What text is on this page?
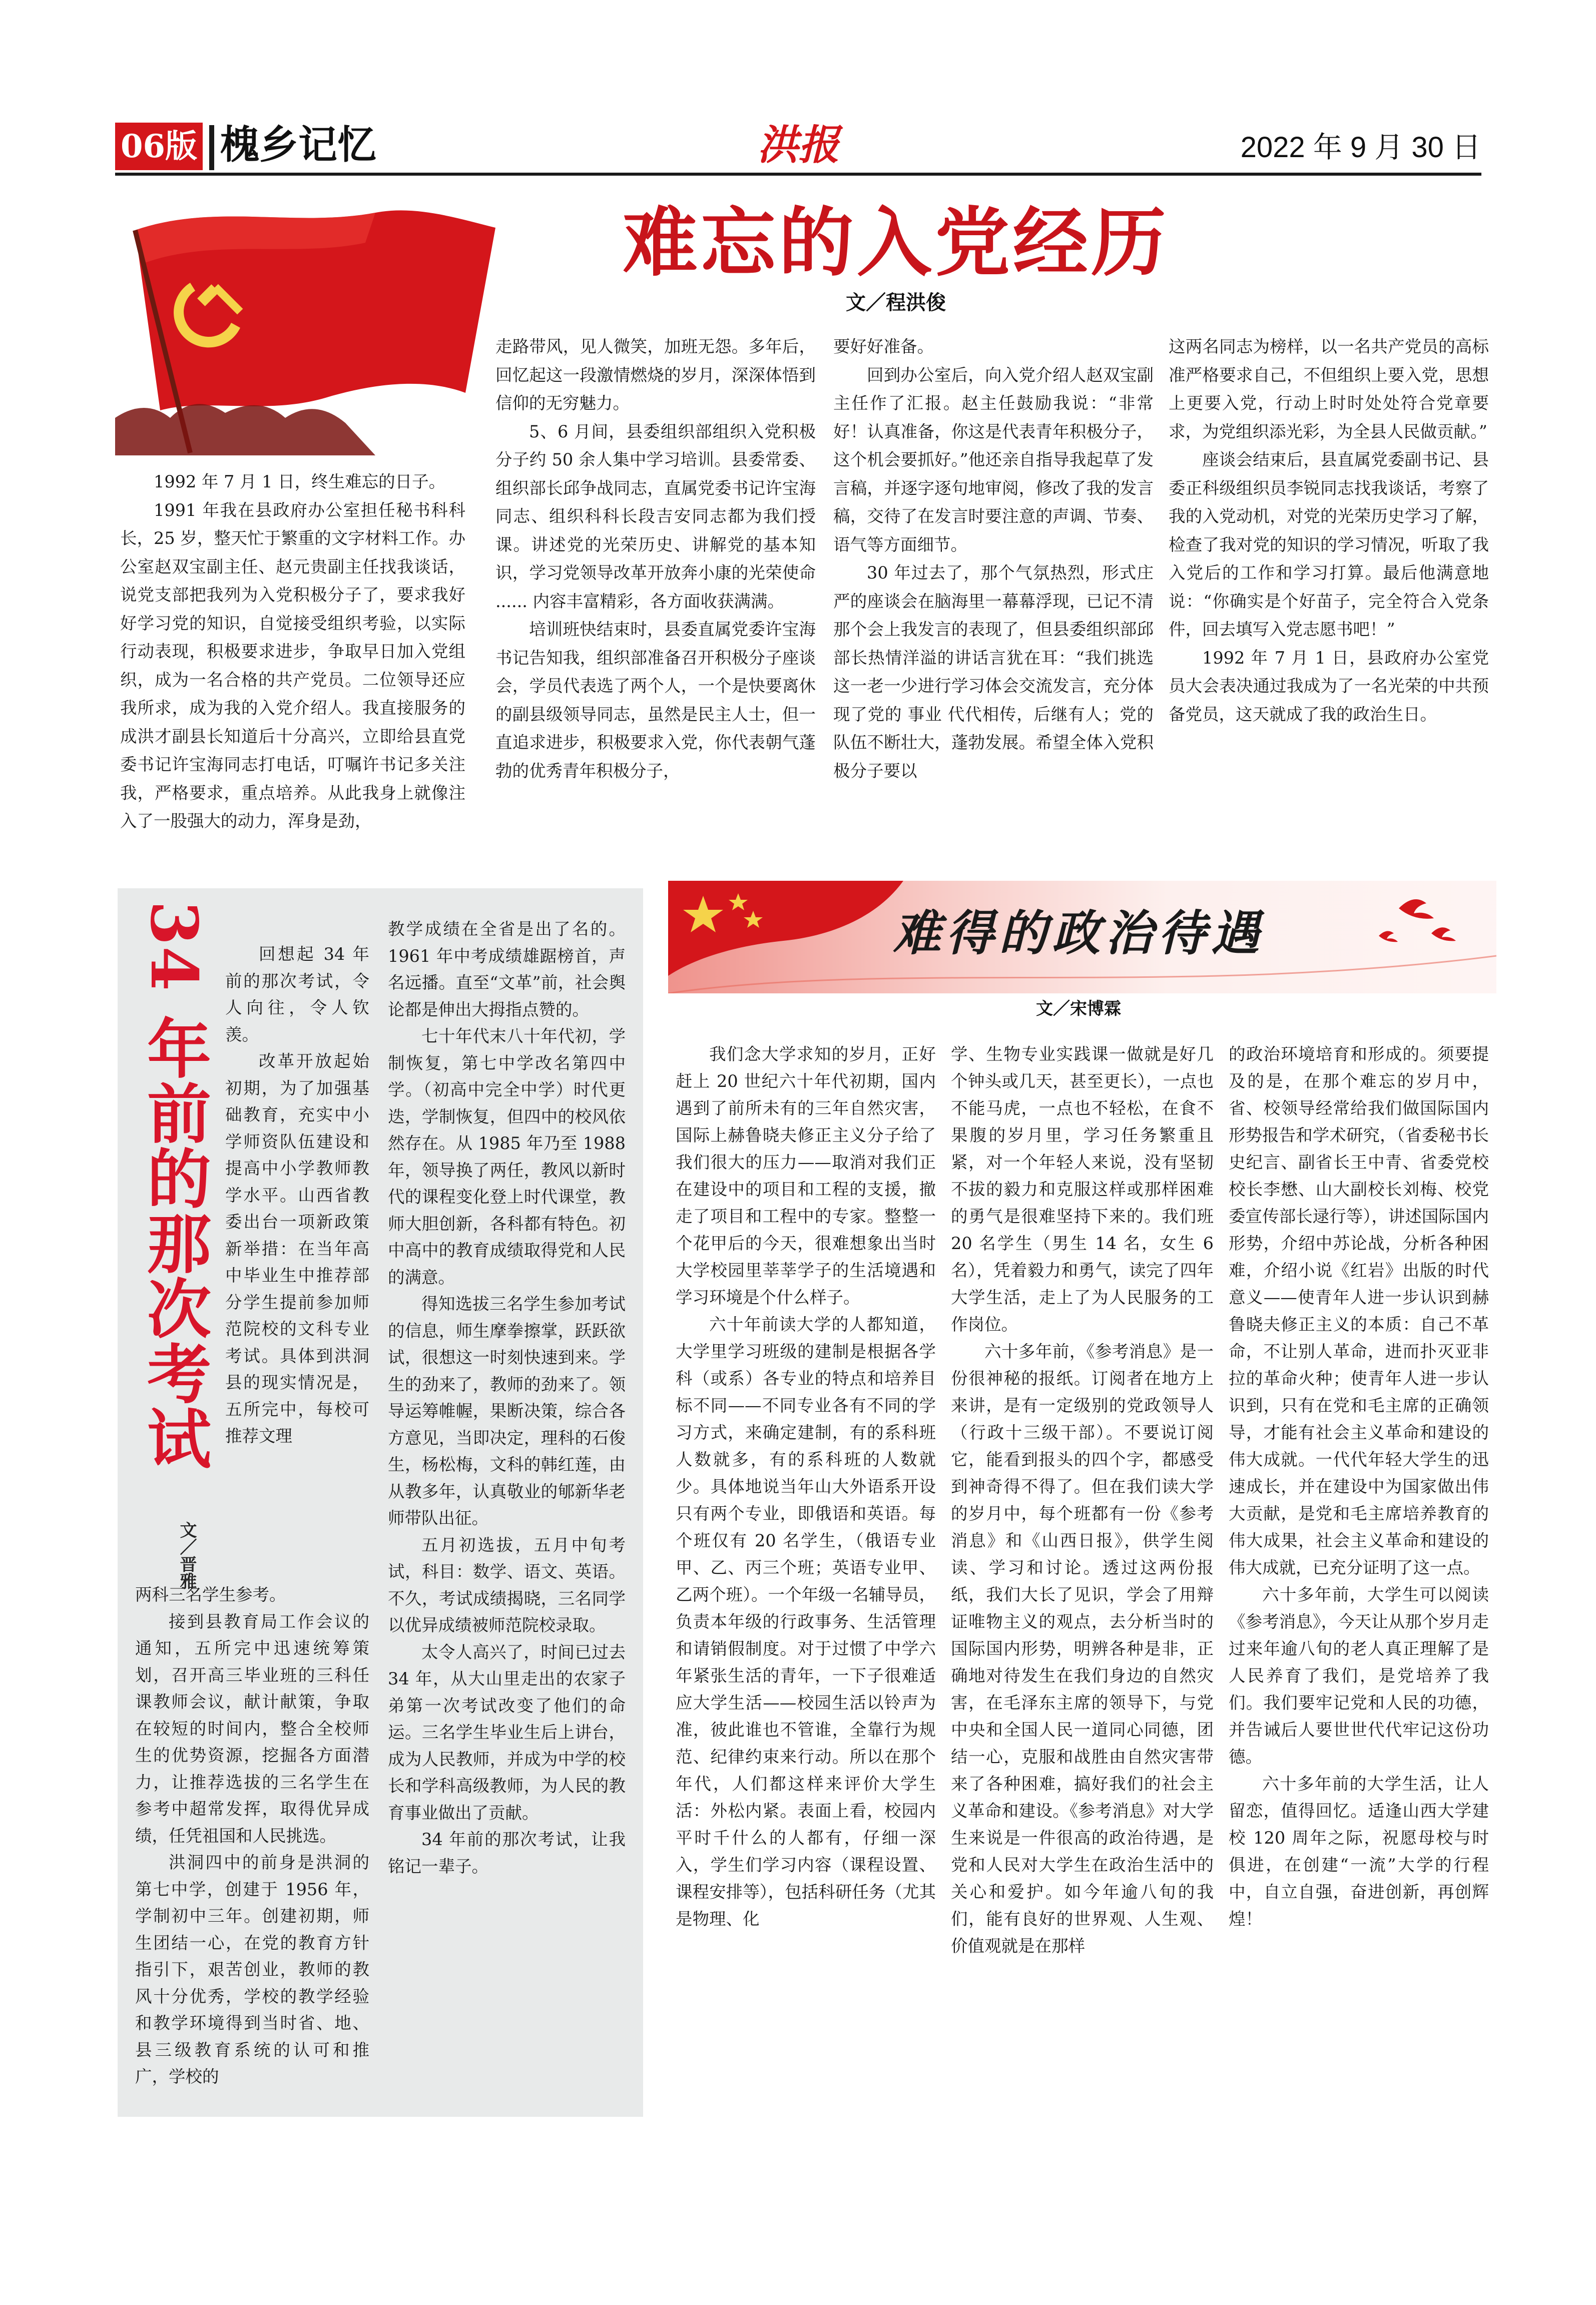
06版 槐乡记忆	洪报	2022 年 9 月 30 日
难忘的入党经历
文／程洪俊

1992 年 7 月 1 日，终生难忘的日子。

1991 年我在县政府办公室担任秘书科科长，25 岁，整天忙于繁重的文字材料工作。办公室赵双宝副主任、赵元贵副主任找我谈话，说党支部把我列为入党积极分子了，要求我好好学习党的知识，自觉接受组织考验，以实际行动表现，积极要求进步，争取早日加入党组织，成为一名合格的共产党员。二位领导还应我所求，成为我的入党介绍人。我直接服务的成洪才副县长知道后十分高兴，立即给县直党委书记许宝海同志打电话，叮嘱许书记多关注我，严格要求，重点培养。从此我身上就像注入了一股强大的动力，浑身是劲，

走路带风，见人微笑，加班无怨。多年后，回忆起这一段激情燃烧的岁月，深深体悟到信仰的无穷魅力。

5、6 月间，县委组织部组织入党积极分子约 50 余人集中学习培训。县委常委、组织部长邱争战同志，直属党委书记许宝海同志、组织科科长段吉安同志都为我们授课。讲述党的光荣历史、讲解党的基本知识，学习党领导改革开放奔小康的光荣使命 ...... 内容丰富精彩，各方面收获满满。

培训班快结束时，县委直属党委许宝海书记告知我，组织部准备召开积极分子座谈会，学员代表选了两个人，一个是快要离休的副县级领导同志，虽然是民主人士，但一直追求进步，积极要求入党，你代表朝气蓬勃的优秀青年积极分子，

要好好准备。

回到办公室后，向入党介绍人赵双宝副主任作了汇报。赵主任鼓励我说：“非常好！认真准备，你这是代表青年积极分子，这个机会要抓好。”他还亲自指导我起草了发言稿，并逐字逐句地审阅，修改了我的发言稿，交待了在发言时要注意的声调、节奏、语气等方面细节。

30 年过去了，那个气氛热烈，形式庄严的座谈会在脑海里一幕幕浮现，已记不清那个会上我发言的表现了，但县委组织部邱部长热情洋溢的讲话言犹在耳：“我们挑选这一老一少进行学习体会交流发言，充分体现了党的 事业 代代相传，后继有人；党的队伍不断壮大，蓬勃发展。希望全体入党积极分子要以

这两名同志为榜样，以一名共产党员的高标准严格要求自己，不但组织上要入党，思想上更要入党，行动上时时处处符合党章要求，为党组织添光彩，为全县人民做贡献。”

座谈会结束后，县直属党委副书记、县委正科级组织员李锐同志找我谈话，考察了我的入党动机，对党的光荣历史学习了解，检查了我对党的知识的学习情况，听取了我入党后的工作和学习打算。最后他满意地说：“你确实是个好苗子，完全符合入党条件，回去填写入党志愿书吧！”

1992 年 7 月 1 日，县政府办公室党员大会表决通过我成为了一名光荣的中共预备党员，这天就成了我的政治生日。

34 年前的那次考试
文／晋雅

回想起 34 年前的那次考试，令人向往，令人钦羡。

改革开放起始初期，为了加强基础教育，充实中小学师资队伍建设和提高中小学教师教学水平。山西省教委出台一项新政策新举措：在当年高中毕业生中推荐部分学生提前参加师范院校的文科专业考试。具体到洪洞县的现实情况是，五所完中，每校可推荐文理

两科三名学生参考。

接到县教育局工作会议的通知，五所完中迅速统筹策划，召开高三毕业班的三科任课教师会议，献计献策，争取在较短的时间内，整合全校师生的优势资源，挖掘各方面潜力，让推荐选拔的三名学生在参考中超常发挥，取得优异成绩，任凭祖国和人民挑选。

洪洞四中的前身是洪洞的第七中学，创建于 1956 年，学制初中三年。创建初期，师生团结一心，在党的教育方针指引下，艰苦创业，教师的教风十分优秀，学校的教学经验和教学环境得到当时省、地、县三级教育系统的认可和推广，学校的

教学成绩在全省是出了名的。1961 年中考成绩雄踞榜首，声名远播。直至“文革”前，社会舆论都是伸出大拇指点赞的。

七十年代末八十年代初，学制恢复，第七中学改名第四中学。（初高中完全中学）时代更迭，学制恢复，但四中的校风依然存在。从 1985 年乃至 1988 年，领导换了两任，教风以新时代的课程变化登上时代课堂，教师大胆创新，各科都有特色。初中高中的教育成绩取得党和人民的满意。

得知选拔三名学生参加考试的信息，师生摩拳擦掌，跃跃欲试，很想这一时刻快速到来。学生的劲来了，教师的劲来了。领导运筹帷幄，果断决策，综合各方意见，当即决定，理科的石俊生，杨松梅，文科的韩红莲，由从教多年，认真敬业的郇新华老师带队出征。

五月初选拔，五月中旬考试，科目：数学、语文、英语。不久，考试成绩揭晓，三名同学以优异成绩被师范院校录取。

太令人高兴了，时间已过去 34 年，从大山里走出的农家子弟第一次考试改变了他们的命运。三名学生毕业生后上讲台，成为人民教师，并成为中学的校长和学科高级教师，为人民的教育事业做出了贡献。

34 年前的那次考试，让我铭记一辈子。

难得的政治待遇
文／宋博霖

我们念大学求知的岁月，正好赶上 20 世纪六十年代初期，国内遇到了前所未有的三年自然灾害，国际上赫鲁晓夫修正主义分子给了我们很大的压力——取消对我们正在建设中的项目和工程的支援，撤走了项目和工程中的专家。整整一个花甲后的今天，很难想象出当时大学校园里莘莘学子的生活境遇和学习环境是个什么样子。

六十年前读大学的人都知道，大学里学习班级的建制是根据各学科（或系）各专业的特点和培养目标不同——不同专业各有不同的学习方式，来确定建制，有的系科班人数就多，有的系科班的人数就少。具体地说当年山大外语系开设只有两个专业，即俄语和英语。每个班仅有 20 名学生，（俄语专业甲、乙、丙三个班；英语专业甲、乙两个班）。一个年级一名辅导员，负责本年级的行政事务、生活管理和请销假制度。对于过惯了中学六年紧张生活的青年，一下子很难适应大学生活——校园生活以铃声为准，彼此谁也不管谁，全靠行为规范、纪律约束来行动。所以在那个年代，人们都这样来评价大学生活：外松内紧。表面上看，校园内平时千什么的人都有，仔细一深入，学生们学习内容（课程设置、课程安排等），包括科研任务（尤其是物理、化

学、生物专业实践课一做就是好几个钟头或几天，甚至更长），一点也不能马虎，一点也不轻松，在食不果腹的岁月里，学习任务繁重且紧，对一个年轻人来说，没有坚韧不拔的毅力和克服这样或那样困难的勇气是很难坚持下来的。我们班 20 名学生（男生 14 名，女生 6 名），凭着毅力和勇气，读完了四年大学生活，走上了为人民服务的工作岗位。

六十多年前，《参考消息》是一份很神秘的报纸。订阅者在地方上来讲，是有一定级别的党政领导人（行政十三级干部）。不要说订阅它，能看到报头的四个字，都感受到神奇得不得了。但在我们读大学的岁月中，每个班都有一份《参考消息》和《山西日报》，供学生阅读、学习和讨论。透过这两份报纸，我们大长了见识，学会了用辩证唯物主义的观点，去分析当时的国际国内形势，明辨各种是非，正确地对待发生在我们身边的自然灾害，在毛泽东主席的领导下，与党中央和全国人民一道同心同德，团结一心，克服和战胜由自然灾害带来了各种困难，搞好我们的社会主义革命和建设。《参考消息》对大学生来说是一件很高的政治待遇，是党和人民对大学生在政治生活中的关心和爱护。如今年逾八旬的我们，能有良好的世界观、人生观、价值观就是在那样

的政治环境培育和形成的。须要提及的是，在那个难忘的岁月中，省、校领导经常给我们做国际国内形势报告和学术研究，（省委秘书长史纪言、副省长王中青、省委党校校长李懋、山大副校长刘梅、校党委宣传部长逯行等），讲述国际国内形势，介绍中苏论战，分析各种困难，介绍小说《红岩》出版的时代意义——使青年人进一步认识到赫鲁晓夫修正主义的本质：自己不革命，不让别人革命，进而扑灭亚非拉的革命火种；使青年人进一步认识到，只有在党和毛主席的正确领导，才能有社会主义革命和建设的伟大成就。一代代年轻大学生的迅速成长，并在建设中为国家做出伟大贡献，是党和毛主席培养教育的伟大成果，社会主义革命和建设的伟大成就，已充分证明了这一点。

六十多年前，大学生可以阅读《参考消息》，今天让从那个岁月走过来年逾八旬的老人真正理解了是人民养育了我们，是党培养了我们。我们要牢记党和人民的功德，并告诫后人要世世代代牢记这份功德。

六十多年前的大学生活，让人留恋，值得回忆。适逢山西大学建校 120 周年之际，祝愿母校与时俱进，在创建“一流”大学的行程中，自立自强，奋进创新，再创辉煌！
